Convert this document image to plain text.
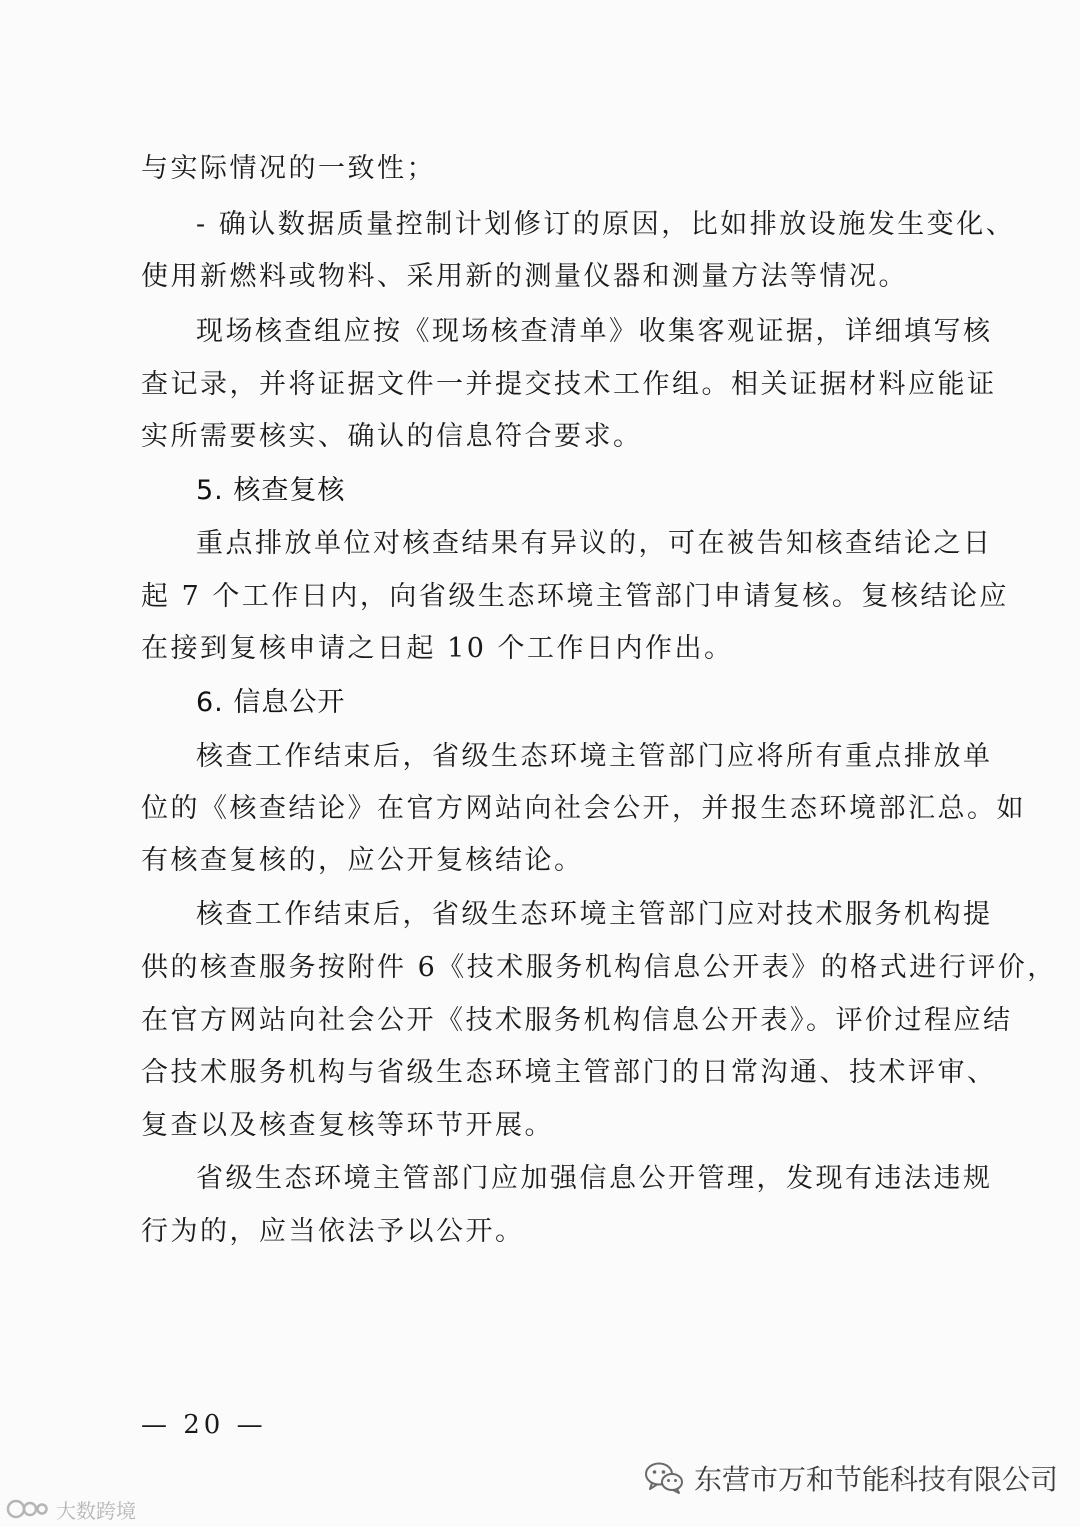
与实际情况的一致性；
- 确认数据质量控制计划修订的原因，比如排放设施发生变化、
使用新燃料或物料、采用新的测量仪器和测量方法等情况。
现场核查组应按《现场核查清单》收集客观证据，详细填写核
查记录，并将证据文件一并提交技术工作组。相关证据材料应能证
实所需要核实、确认的信息符合要求。
5. 核查复核
重点排放单位对核查结果有异议的，可在被告知核查结论之日
起 7 个工作日内，向省级生态环境主管部门申请复核。复核结论应
在接到复核申请之日起 10 个工作日内作出。
6. 信息公开
核查工作结束后，省级生态环境主管部门应将所有重点排放单
位的《核查结论》在官方网站向社会公开，并报生态环境部汇总。如
有核查复核的，应公开复核结论。
核查工作结束后，省级生态环境主管部门应对技术服务机构提
供的核查服务按附件 6《技术服务机构信息公开表》的格式进行评价，
在官方网站向社会公开《技术服务机构信息公开表》。评价过程应结
合技术服务机构与省级生态环境主管部门的日常沟通、技术评审、
复查以及核查复核等环节开展。
省级生态环境主管部门应加强信息公开管理，发现有违法违规
行为的，应当依法予以公开。
— 20 —
东营市万和节能科技有限公司
大数跨境
